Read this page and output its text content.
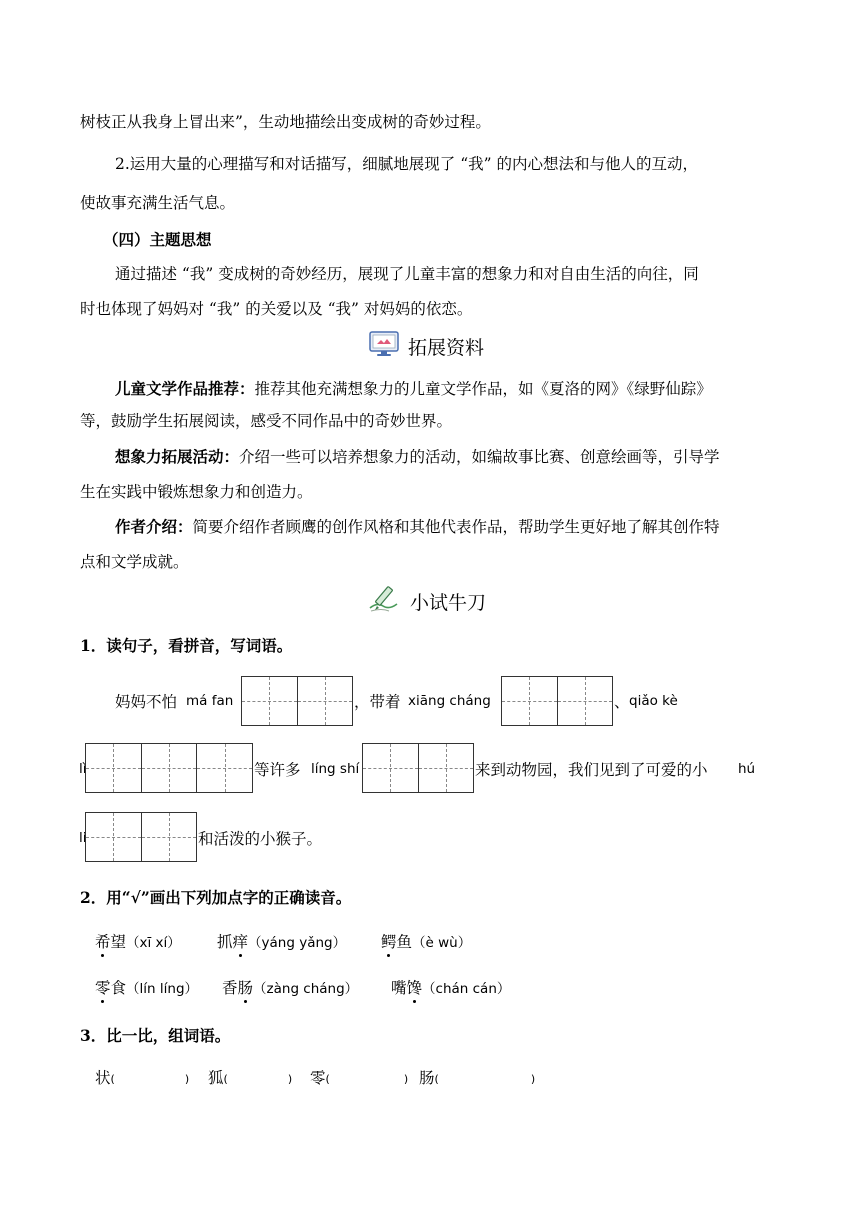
树枝正从我身上冒出来”，生动地描绘出变成树的奇妙过程。
2.运用大量的心理描写和对话描写，细腻地展现了 “我” 的内心想法和与他人的互动，
使故事充满生活气息。
（四）主题思想
通过描述 “我” 变成树的奇妙经历，展现了儿童丰富的想象力和对自由生活的向往，同
时也体现了妈妈对 “我” 的关爱以及 “我” 对妈妈的依恋。
拓展资料
儿童文学作品推荐：推荐其他充满想象力的儿童文学作品，如《夏洛的网》《绿野仙踪》
等，鼓励学生拓展阅读，感受不同作品中的奇妙世界。
想象力拓展活动：介绍一些可以培养想象力的活动，如编故事比赛、创意绘画等，引导学
生在实践中锻炼想象力和创造力。
作者介绍：简要介绍作者顾鹰的创作风格和其他代表作品，帮助学生更好地了解其创作特
点和文学成就。
小试牛刀
1．读句子，看拼音，写词语。
妈妈不怕 má fan	，带着 xiāng cháng	、 qiǎo kè
lì	等许多 líng shí	来到动物园，我们见到了可爱的小 hú
li	和活泼的小猴子。
2．用“√”画出下列加点字的正确读音。
希望（xī xí） 抓痒（yáng yǎng） 鳄鱼（è wù）
零食（lín líng） 香肠（zàng cháng） 嘴馋（chán cán）
3．比一比，组词语。
状(	) 狐(	) 零(	) 肠(	)
